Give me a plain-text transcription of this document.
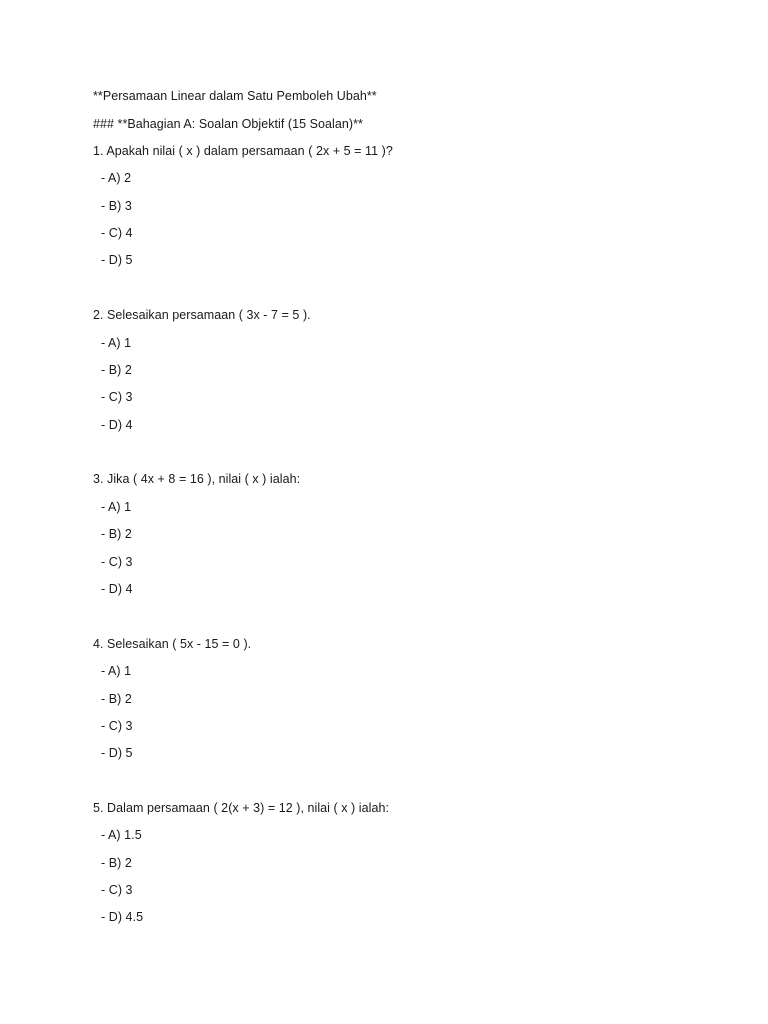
**Persamaan Linear dalam Satu Pemboleh Ubah**
### **Bahagian A: Soalan Objektif (15 Soalan)**
1. Apakah nilai ( x ) dalam persamaan ( 2x + 5 = 11 )?
- A) 2
- B) 3
- C) 4
- D) 5
2. Selesaikan persamaan ( 3x - 7 = 5 ).
- A) 1
- B) 2
- C) 3
- D) 4
3. Jika ( 4x + 8 = 16 ), nilai ( x ) ialah:
- A) 1
- B) 2
- C) 3
- D) 4
4. Selesaikan ( 5x - 15 = 0 ).
- A) 1
- B) 2
- C) 3
- D) 5
5. Dalam persamaan ( 2(x + 3) = 12 ), nilai ( x ) ialah:
- A) 1.5
- B) 2
- C) 3
- D) 4.5
